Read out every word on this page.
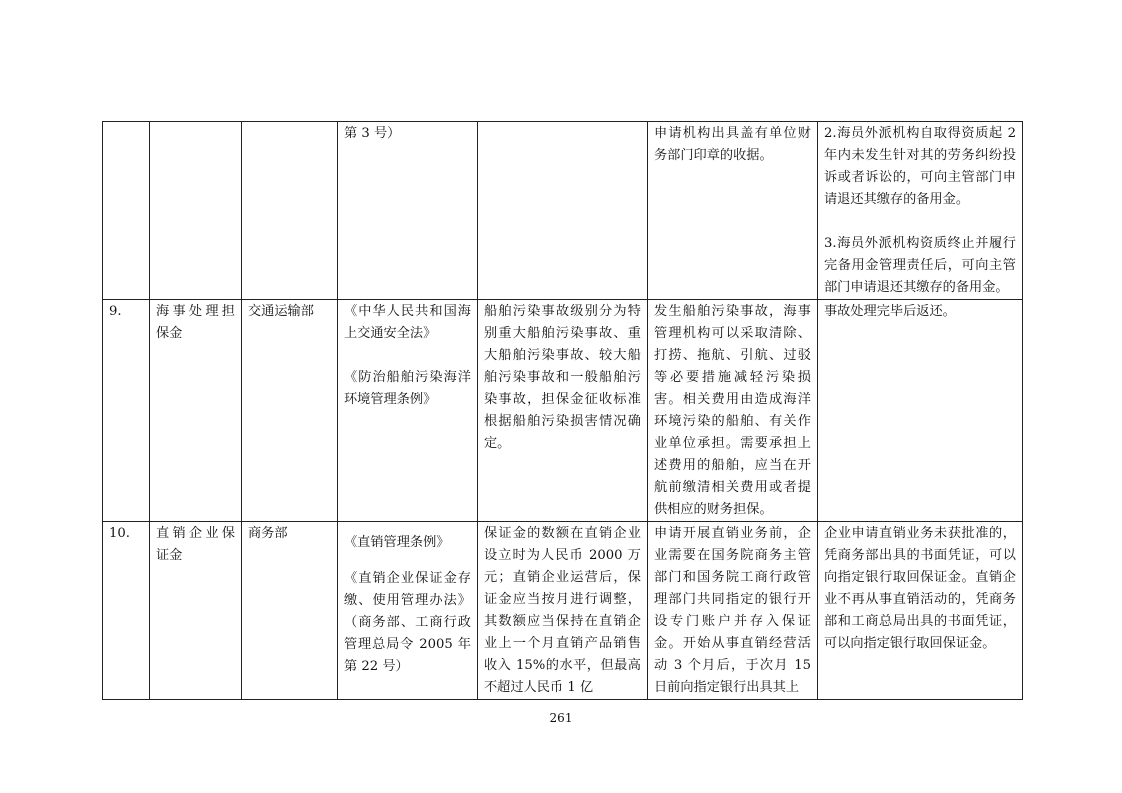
			第 3 号）		申请机构出具盖有单位财务部门印章的收据。	2.海员外派机构自取得资质起 2 年内未发生针对其的劳务纠纷投诉或者诉讼的，可向主管部门申请退还其缴存的备用金。
3.海员外派机构资质终止并履行完备用金管理责任后，可向主管部门申请退还其缴存的备用金。

9.	海事处理担保金	交通运输部	《中华人民共和国海上交通安全法》
《防治船舶污染海洋环境管理条例》	船舶污染事故级别分为特别重大船舶污染事故、重大船舶污染事故、较大船舶污染事故和一般船舶污染事故，担保金征收标准根据船舶污染损害情况确定。	发生船舶污染事故，海事管理机构可以采取清除、打捞、拖航、引航、过驳等必要措施减轻污染损害。相关费用由造成海洋环境污染的船舶、有关作业单位承担。需要承担上述费用的船舶，应当在开航前缴清相关费用或者提供相应的财务担保。	事故处理完毕后返还。

10.	直销企业保证金	商务部	《直销管理条例》
《直销企业保证金存缴、使用管理办法》（商务部、工商行政管理总局令 2005 年第 22 号）	保证金的数额在直销企业设立时为人民币 2000 万元；直销企业运营后，保证金应当按月进行调整，其数额应当保持在直销企业上一个月直销产品销售收入 15%的水平，但最高不超过人民币 1 亿	申请开展直销业务前，企业需要在国务院商务主管部门和国务院工商行政管理部门共同指定的银行开设专门账户并存入保证金。开始从事直销经营活动 3 个月后，于次月 15 日前向指定银行出具其上	企业申请直销业务未获批准的，凭商务部出具的书面凭证，可以向指定银行取回保证金。直销企业不再从事直销活动的，凭商务部和工商总局出具的书面凭证，可以向指定银行取回保证金。
261
